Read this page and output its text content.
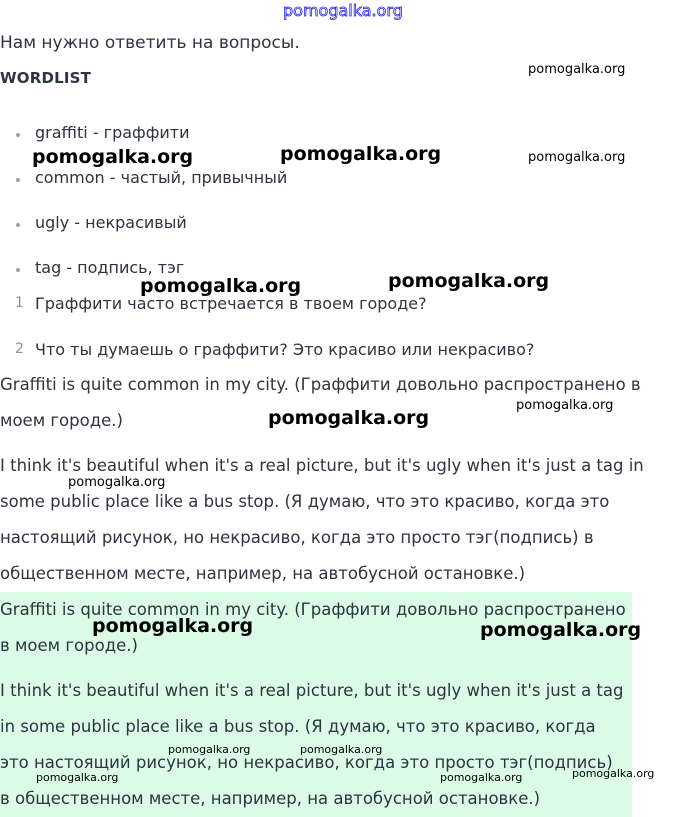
pomogalka.org
Нам нужно ответить на вопросы.
WORDLIST
graffiti - граффити
common - частый, привычный
ugly - некрасивый
tag - подпись, тэг
1 Граффити часто встречается в твоем городе?
2 Что ты думаешь о граффити? Это красиво или некрасиво?
Graffiti is quite common in my city. (Граффити довольно распространено в моем городе.)
I think it's beautiful when it's a real picture, but it's ugly when it's just a tag in some public place like a bus stop. (Я думаю, что это красиво, когда это настоящий рисунок, но некрасиво, когда это просто тэг(подпись) в общественном месте, например, на автобусной остановке.)
Graffiti is quite common in my city. (Граффити довольно распространено в моем городе.)
I think it's beautiful when it's a real picture, but it's ugly when it's just a tag in some public place like a bus stop. (Я думаю, что это красиво, когда это настоящий рисунок, но некрасиво, когда это просто тэг(подпись) в общественном месте, например, на автобусной остановке.)
pomogalka.org
pomogalka.org	pomogalka.org	pomogalka.org
pomogalka.org	pomogalka.org
pomogalka.org
pomogalka.org
pomogalka.org
pomogalka.org	pomogalka.org
pomogalka.org	pomogalka.org
pomogalka.org	pomogalka.org	pomogalka.org
